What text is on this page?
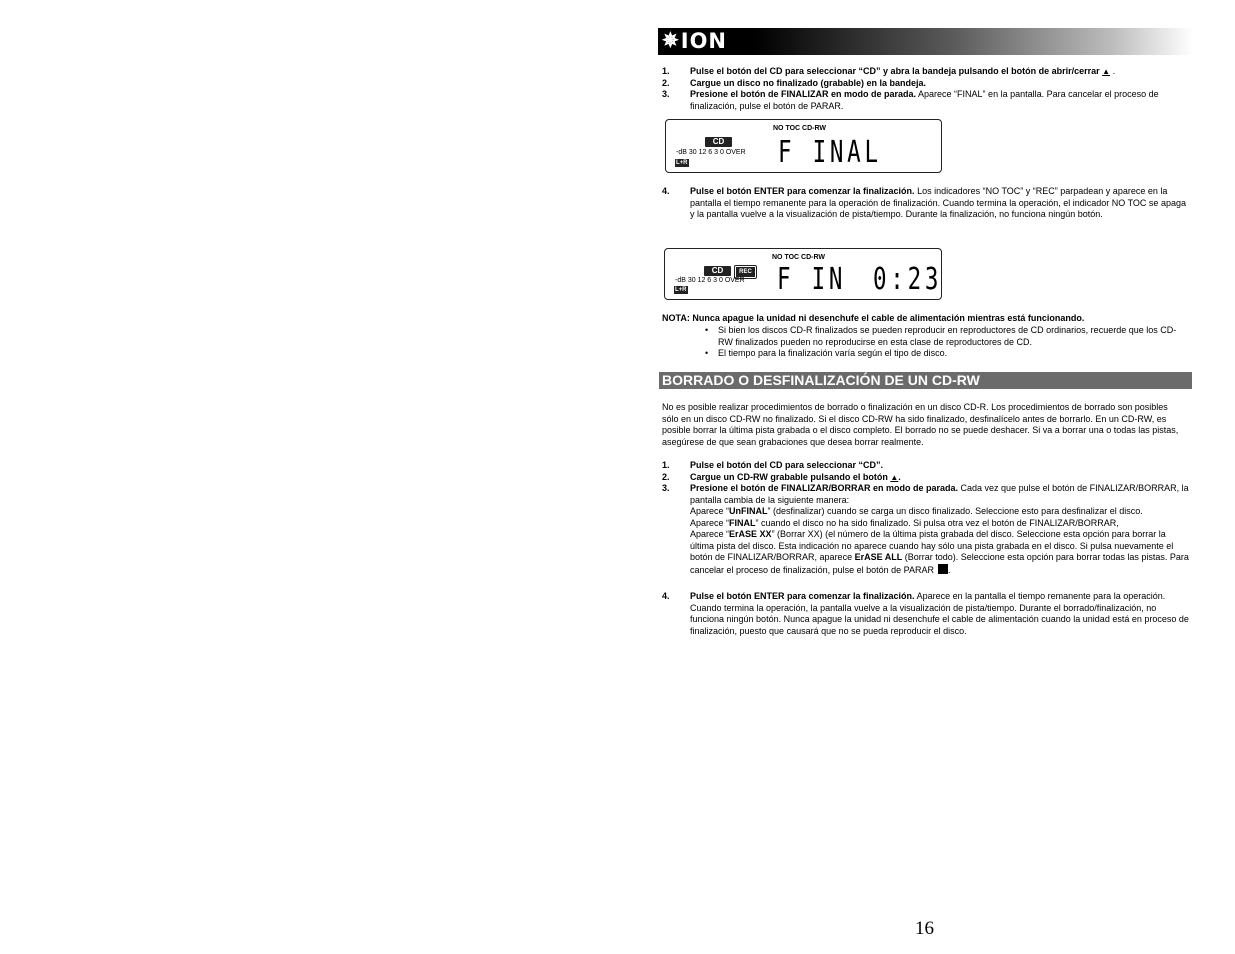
✵ ION
1. Pulse el botón del CD para seleccionar “CD” y abra la bandeja pulsando el botón de abrir/cerrar ▲ .
2. Cargue un disco no finalizado (grabable) en la bandeja.
3. Presione el botón de FINALIZAR en modo de parada. Aparece “FINAL” en la pantalla. Para cancelar el proceso de finalización, pulse el botón de PARAR.
NO TOC CD-RW
CD
-dB 30 12 6 3 0 OVER
L+R	F INAL
4. Pulse el botón ENTER para comenzar la finalización. Los indicadores “NO TOC” y “REC” parpadean y aparece en la pantalla el tiempo remanente para la operación de finalización. Cuando termina la operación, el indicador NO TOC se apaga y la pantalla vuelve a la visualización de pista/tiempo. Durante la finalización, no funciona ningún botón.
NO TOC CD-RW
CD	REC
-dB 30 12 6 3 0 OVER
L+R	F IN 0:23
NOTA: Nunca apague la unidad ni desenchufe el cable de alimentación mientras está funcionando.
• Si bien los discos CD-R finalizados se pueden reproducir en reproductores de CD ordinarios, recuerde que los CD-RW finalizados pueden no reproducirse en esta clase de reproductores de CD.
• El tiempo para la finalización varía según el tipo de disco.
BORRADO O DESFINALIZACIÓN DE UN CD-RW
No es posible realizar procedimientos de borrado o finalización en un disco CD-R. Los procedimientos de borrado son posibles sólo en un disco CD-RW no finalizado. Si el disco CD-RW ha sido finalizado, desfinalícelo antes de borrarlo. En un CD-RW, es posible borrar la última pista grabada o el disco completo. El borrado no se puede deshacer. Si va a borrar una o todas las pistas, asegúrese de que sean grabaciones que desea borrar realmente.
1. Pulse el botón del CD para seleccionar “CD”.
2. Cargue un CD-RW grabable pulsando el botón ▲.
3. Presione el botón de FINALIZAR/BORRAR en modo de parada. Cada vez que pulse el botón de FINALIZAR/BORRAR, la pantalla cambia de la siguiente manera:
Aparece “UnFINAL” (desfinalizar) cuando se carga un disco finalizado. Seleccione esto para desfinalizar el disco.
Aparece “FINAL” cuando el disco no ha sido finalizado. Si pulsa otra vez el botón de FINALIZAR/BORRAR,
Aparece “ErASE XX” (Borrar XX) (el número de la última pista grabada del disco. Seleccione esta opción para borrar la última pista del disco. Esta indicación no aparece cuando hay sólo una pista grabada en el disco. Si pulsa nuevamente el botón de FINALIZAR/BORRAR, aparece ErASE ALL (Borrar todo). Seleccione esta opción para borrar todas las pistas. Para cancelar el proceso de finalización, pulse el botón de PARAR .
4. Pulse el botón ENTER para comenzar la finalización. Aparece en la pantalla el tiempo remanente para la operación. Cuando termina la operación, la pantalla vuelve a la visualización de pista/tiempo. Durante el borrado/finalización, no funciona ningún botón. Nunca apague la unidad ni desenchufe el cable de alimentación cuando la unidad está en proceso de finalización, puesto que causará que no se pueda reproducir el disco.
16
